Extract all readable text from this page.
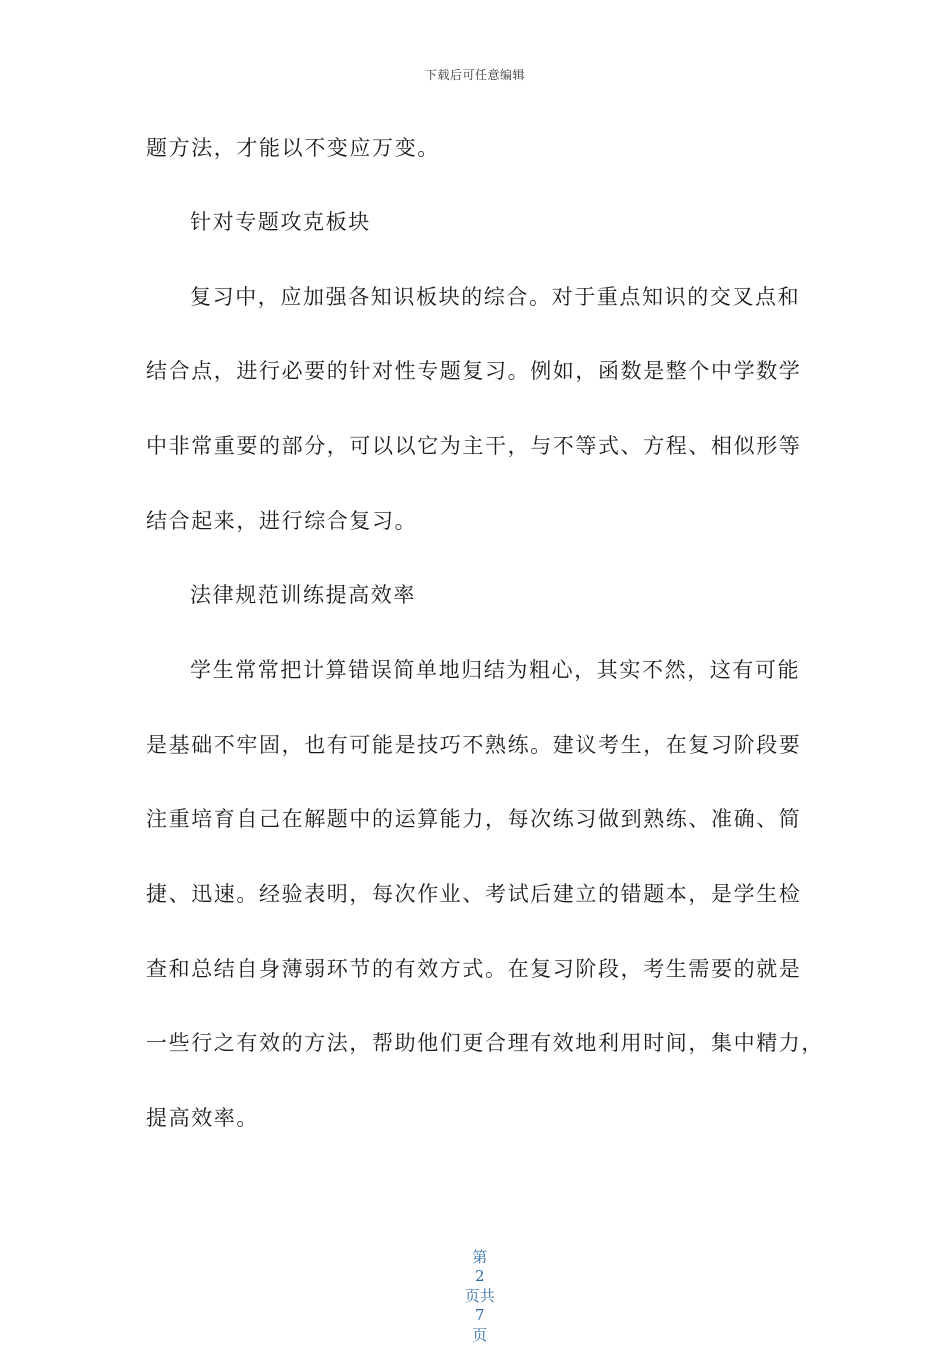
下载后可任意编辑
题方法，才能以不变应万变。
针对专题攻克板块
复习中，应加强各知识板块的综合。对于重点知识的交叉点和
结合点，进行必要的针对性专题复习。例如，函数是整个中学数学
中非常重要的部分，可以以它为主干，与不等式、方程、相似形等
结合起来，进行综合复习。
法律规范训练提高效率
学生常常把计算错误简单地归结为粗心，其实不然，这有可能
是基础不牢固，也有可能是技巧不熟练。建议考生，在复习阶段要
注重培育自己在解题中的运算能力，每次练习做到熟练、准确、简
捷、迅速。经验表明，每次作业、考试后建立的错题本，是学生检
查和总结自身薄弱环节的有效方式。在复习阶段，考生需要的就是
一些行之有效的方法，帮助他们更合理有效地利用时间，集中精力，
提高效率。

第
2
页共
7
页
